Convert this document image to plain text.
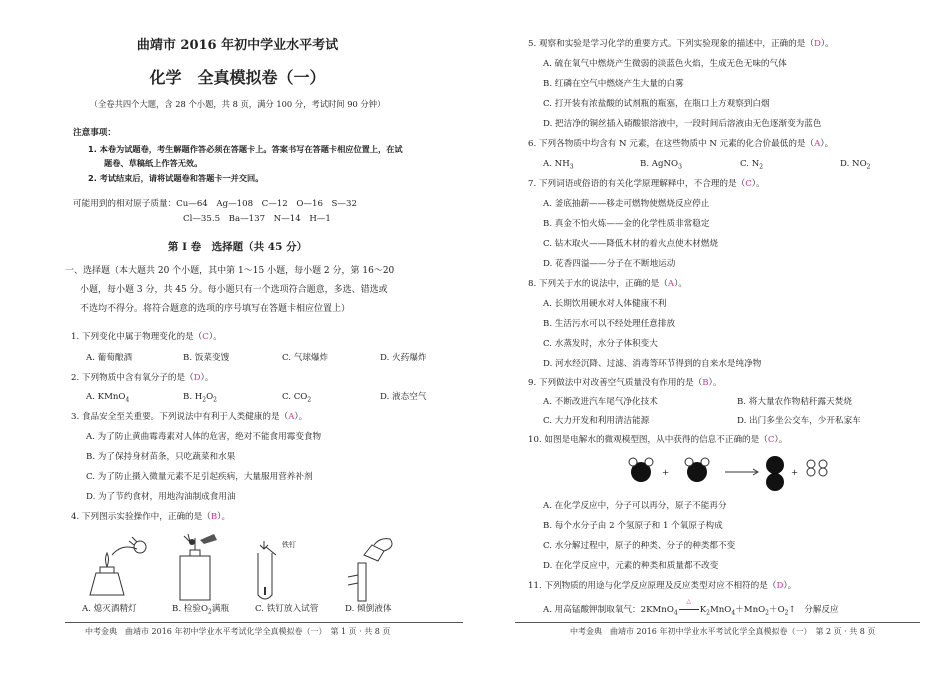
曲靖市 2016 年初中学业水平考试
化学　全真模拟卷（一）
（全卷共四个大题，含 28 个小题，共 8 页，满分 100 分，考试时间 90 分钟）
注意事项：
1. 本卷为试题卷，考生解题作答必须在答题卡上。答案书写在答题卡相应位置上，在试
题卷、草稿纸上作答无效。
2. 考试结束后，请将试题卷和答题卡一并交回。
可能用到的相对原子质量：Cu—64　Ag—108　C—12　O—16　S—32
Cl—35.5　Ba—137　N—14　H—1
第 Ⅰ 卷　选择题（共 45 分）
一、选择题（本大题共 20 个小题，其中第 1～15 小题，每小题 2 分，第 16～20
小题，每小题 3 分，共 45 分。每小题只有一个选项符合题意，多选、错选或
不选均不得分。将符合题意的选项的序号填写在答题卡相应位置上）
1. 下列变化中属于物理变化的是（C）。
A. 葡萄酿酒	B. 饭菜变馊	C. 气球爆炸	D. 火药爆炸
2. 下列物质中含有氧分子的是（D）。
A. KMnO$_4$	B. $H_2O_2$	C. $CO_2$	D. 液态空气
3. 食品安全至关重要。下列说法中有利于人类健康的是（A）。
A. 为了防止黄曲霉毒素对人体的危害，绝对不能食用霉变食物
B. 为了保持身材苗条，只吃蔬菜和水果
C. 为了防止摄入微量元素不足引起疾病，大量服用营养补剂
D. 为了节约食材，用地沟油制成食用油
4. 下列图示实验操作中，正确的是（B）。
铁钉
A. 熄灭酒精灯	B. 检验$O_2$满瓶	C. 铁钉放入试管	D. 倾倒液体
中考金典　曲靖市 2016 年初中学业水平考试化学全真模拟卷（一）　第 1 页 · 共 8 页
5. 观察和实验是学习化学的重要方式。下列实验现象的描述中，正确的是（D）。
A. 硫在氧气中燃烧产生微弱的淡蓝色火焰，生成无色无味的气体
B. 红磷在空气中燃烧产生大量的白雾
C. 打开装有浓盐酸的试剂瓶的瓶塞，在瓶口上方观察到白烟
D. 把洁净的铜丝插入硝酸银溶液中，一段时间后溶液由无色逐渐变为蓝色
6. 下列各物质中均含有 N 元素，在这些物质中 N 元素的化合价最低的是（A）。
A. $NH_3$	B. AgNO$_3$	C. $N_2$	D. $NO_2$
7. 下列词语或俗语的有关化学原理解释中，不合理的是（C）。
A. 釜底抽薪——移走可燃物使燃烧反应停止
B. 真金不怕火炼——金的化学性质非常稳定
C. 钻木取火——降低木材的着火点使木材燃烧
D. 花香四溢——分子在不断地运动
8. 下列关于水的说法中，正确的是（A）。
A. 长期饮用硬水对人体健康不利
B. 生活污水可以不经处理任意排放
C. 水蒸发时，水分子体积变大
D. 河水经沉降、过滤、消毒等环节得到的自来水是纯净物
9. 下列做法中对改善空气质量没有作用的是（B）。
A. 不断改进汽车尾气净化技术	B. 将大量农作物秸秆露天焚烧
C. 大力开发和利用清洁能源	D. 出门多坐公交车，少开私家车
10. 如图是电解水的微观模型图，从中获得的信息不正确的是（C）。
+	+
A. 在化学反应中，分子可以再分，原子不能再分
B. 每个水分子由 2 个氢原子和 1 个氧原子构成
C. 水分解过程中，原子的种类、分子的种类都不变
D. 在化学反应中，元素的种类和质量都不改变
11. 下列物质的用途与化学反应原理及反应类型对应不相符的是（D）。
A. 用高锰酸钾制取氧气：2KMnO$_4$
△
$K_2MnO_4+MnO_2+O_2↑$　分解反应
中考金典　曲靖市 2016 年初中学业水平考试化学全真模拟卷（一）　第 2 页 · 共 8 页
